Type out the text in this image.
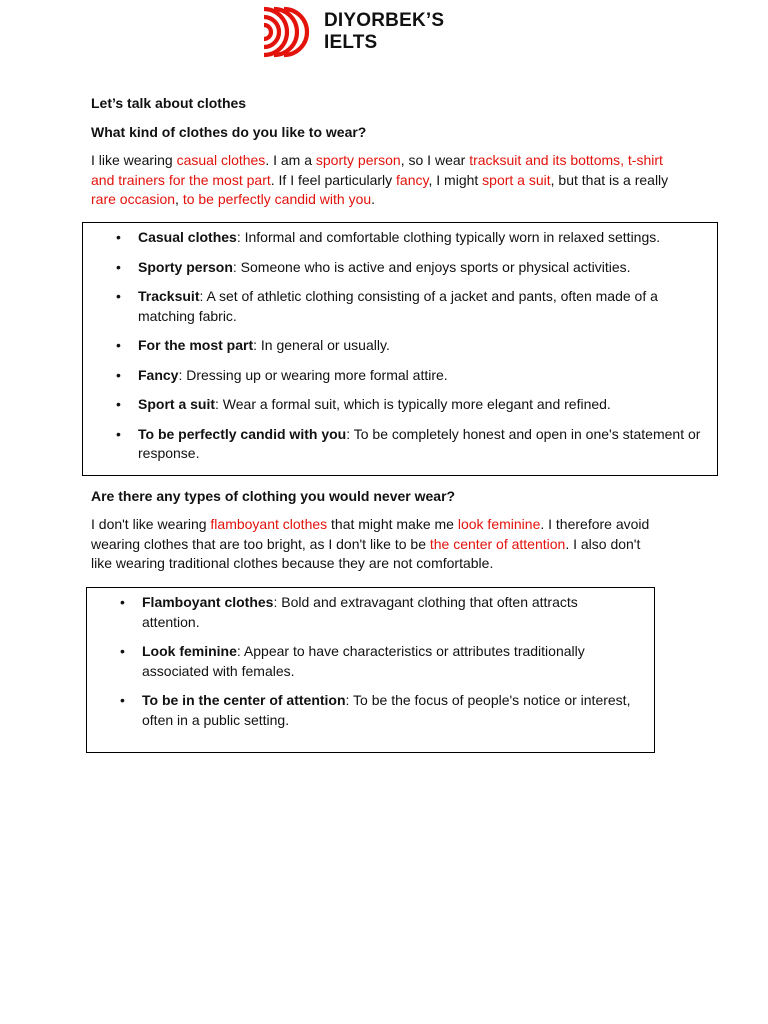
DIYORBEK’S
IELTS
Let’s talk about clothes
What kind of clothes do you like to wear?
I like wearing casual clothes. I am a sporty person, so I wear tracksuit and its bottoms, t-shirt and trainers for the most part. If I feel particularly fancy, I might sport a suit, but that is a really rare occasion, to be perfectly candid with you.
• Casual clothes: Informal and comfortable clothing typically worn in relaxed settings.
• Sporty person: Someone who is active and enjoys sports or physical activities.
• Tracksuit: A set of athletic clothing consisting of a jacket and pants, often made of a matching fabric.
• For the most part: In general or usually.
• Fancy: Dressing up or wearing more formal attire.
• Sport a suit: Wear a formal suit, which is typically more elegant and refined.
• To be perfectly candid with you: To be completely honest and open in one's statement or response.
Are there any types of clothing you would never wear?
I don't like wearing flamboyant clothes that might make me look feminine. I therefore avoid wearing clothes that are too bright, as I don't like to be the center of attention. I also don't like wearing traditional clothes because they are not comfortable.
• Flamboyant clothes: Bold and extravagant clothing that often attracts attention.
• Look feminine: Appear to have characteristics or attributes traditionally associated with females.
• To be in the center of attention: To be the focus of people's notice or interest, often in a public setting.
